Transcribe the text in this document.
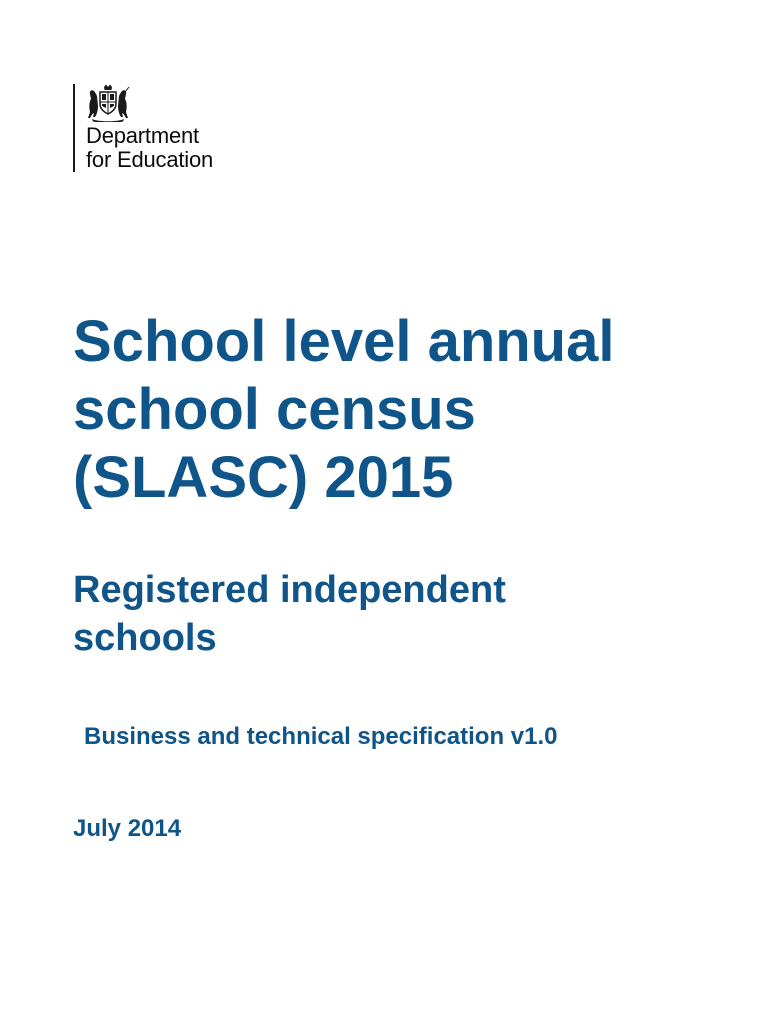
Department
for Education
School level annual
school census
(SLASC) 2015
Registered independent
schools

Business and technical specification v1.0

July 2014
